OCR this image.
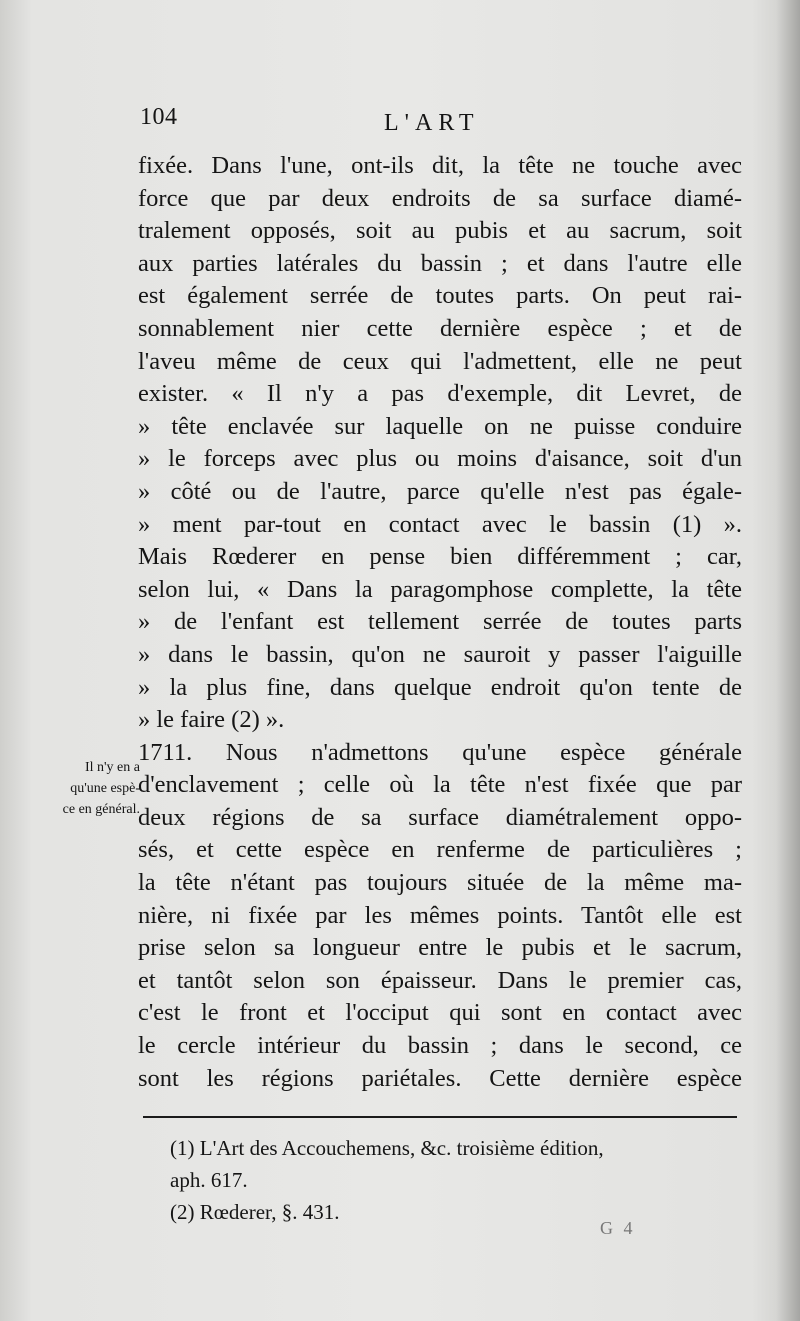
104	L'ART
fixée. Dans l'une, ont-ils dit, la tête ne touche avec
force que par deux endroits de sa surface diamé-
tralement opposés, soit au pubis et au sacrum, soit
aux parties latérales du bassin ; et dans l'autre elle
est également serrée de toutes parts. On peut rai-
sonnablement nier cette dernière espèce ; et de
l'aveu même de ceux qui l'admettent, elle ne peut
exister. « Il n'y a pas d'exemple, dit Levret, de
» tête enclavée sur laquelle on ne puisse conduire
» le forceps avec plus ou moins d'aisance, soit d'un
» côté ou de l'autre, parce qu'elle n'est pas égale-
» ment par-tout en contact avec le bassin (1) ».
Mais Rœderer en pense bien différemment ; car,
selon lui, « Dans la paragomphose complette, la tête
» de l'enfant est tellement serrée de toutes parts
» dans le bassin, qu'on ne sauroit y passer l'aiguille
» la plus fine, dans quelque endroit qu'on tente de
» le faire (2) ».
1711. Nous n'admettons qu'une espèce générale
d'enclavement ; celle où la tête n'est fixée que par
deux régions de sa surface diamétralement oppo-
sés, et cette espèce en renferme de particulières ;
la tête n'étant pas toujours située de la même ma-
nière, ni fixée par les mêmes points. Tantôt elle est
prise selon sa longueur entre le pubis et le sacrum,
et tantôt selon son épaisseur. Dans le premier cas,
c'est le front et l'occiput qui sont en contact avec
le cercle intérieur du bassin ; dans le second, ce
sont les régions pariétales. Cette dernière espèce
Il n'y en a
qu'une espè-
ce en général.
(1) L'Art des Accouchemens, &c. troisième édition,
aph. 617.
(2) Rœderer, §. 431.
G 4
